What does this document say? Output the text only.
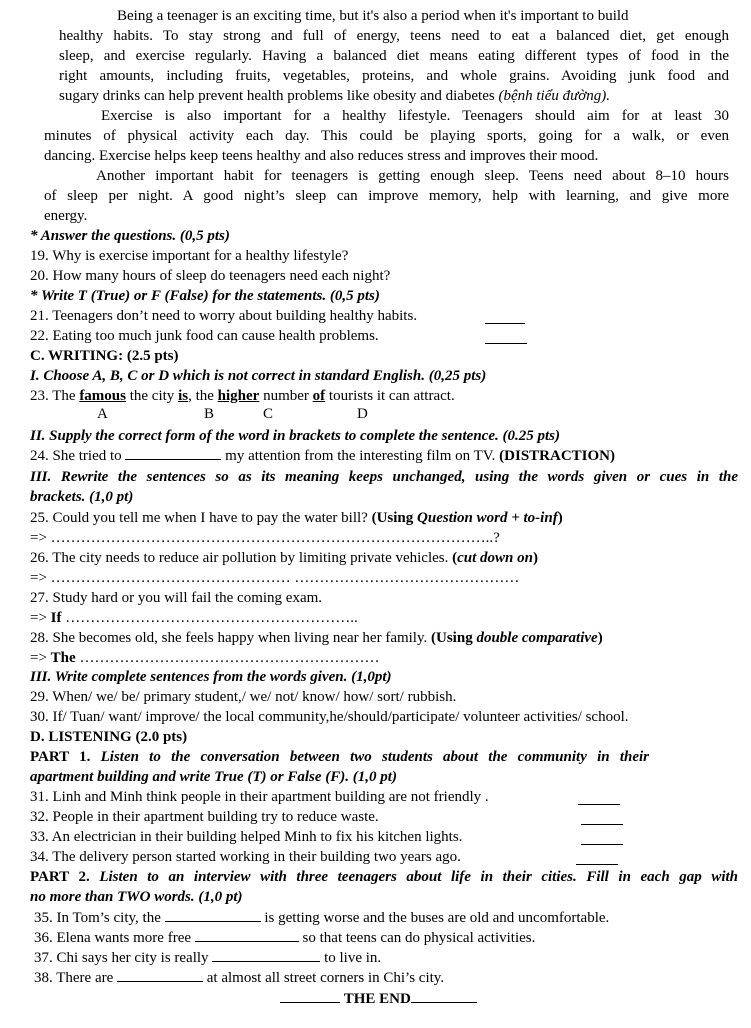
Being a teenager is an exciting time, but it's also a period when it's important to build
healthy habits. To stay strong and full of energy, teens need to eat a balanced diet, get enough
sleep, and exercise regularly. Having a balanced diet means eating different types of food in the
right amounts, including fruits, vegetables, proteins, and whole grains. Avoiding junk food and
sugary drinks can help prevent health problems like obesity and diabetes (bệnh tiểu đường).
Exercise is also important for a healthy lifestyle. Teenagers should aim for at least 30
minutes of physical activity each day. This could be playing sports, going for a walk, or even
dancing. Exercise helps keep teens healthy and also reduces stress and improves their mood.
Another important habit for teenagers is getting enough sleep. Teens need about 8–10 hours
of sleep per night. A good night’s sleep can improve memory, help with learning, and give more
energy.
* Answer the questions. (0,5 pts)
19. Why is exercise important for a healthy lifestyle?
20. How many hours of sleep do teenagers need each night?
* Write T (True) or F (False) for the statements. (0,5 pts)
21. Teenagers don’t need to worry about building healthy habits.
22. Eating too much junk food can cause health problems.
C. WRITING: (2.5 pts)
I. Choose A, B, C or D which is not correct in standard English. (0,25 pts)
23. The famous the city is, the higher number of tourists it can attract.
A	B	C	D
II. Supply the correct form of the word in brackets to complete the sentence. (0.25 pts)
24. She tried to	my attention from the interesting film on TV. (DISTRACTION)
III. Rewrite the sentences so as its meaning keeps unchanged, using the words given or cues in the
brackets. (1,0 pt)
25. Could you tell me when I have to pay the water bill? (Using Question word + to-inf)
=> ……………………………………………………………………………..?
26. The city needs to reduce air pollution by limiting private vehicles. (cut down on)
=> ………………………………………… ………………………………………
27. Study hard or you will fail the coming exam.
=> If …………………………………………………..
28. She becomes old, she feels happy when living near her family. (Using double comparative)
=> The ……………………………………………………
III. Write complete sentences from the words given. (1,0pt)
29. When/ we/ be/ primary student,/ we/ not/ know/ how/ sort/ rubbish.
30. If/ Tuan/ want/ improve/ the local community,he/should/participate/ volunteer activities/ school.
D. LISTENING (2.0 pts)
PART 1. Listen to the conversation between two students about the community in their
apartment building and write True (T) or False (F). (1,0 pt)
31. Linh and Minh think people in their apartment building are not friendly .
32. People in their apartment building try to reduce waste.
33. An electrician in their building helped Minh to fix his kitchen lights.
34. The delivery person started working in their building two years ago.
PART 2. Listen to an interview with three teenagers about life in their cities. Fill in each gap with
no more than TWO words. (1,0 pt)
35. In Tom’s city, the	is getting worse and the buses are old and uncomfortable.
36. Elena wants more free	so that teens can do physical activities.
37. Chi says her city is really	to live in.
38. There are	at almost all street corners in Chi’s city.
THE END
